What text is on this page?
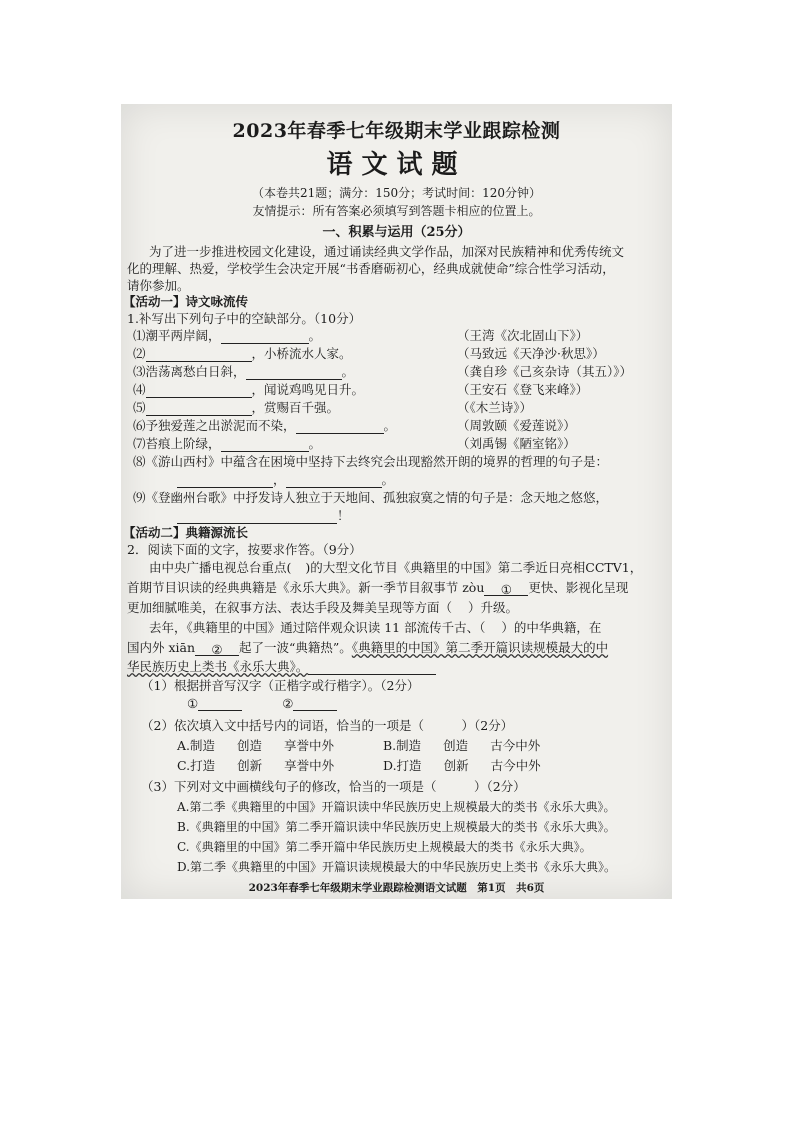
2023年春季七年级期末学业跟踪检测
语文试题
（本卷共21题；满分：150分；考试时间：120分钟）
友情提示：所有答案必须填写到答题卡相应的位置上。
一、积累与运用（25分）
为了进一步推进校园文化建设，通过诵读经典文学作品，加深对民族精神和优秀传统文
化的理解、热爱，学校学生会决定开展“书香磨砺初心，经典成就使命”综合性学习活动，
请你参加。
【活动一】诗文咏流传
1.补写出下列句子中的空缺部分。（10分）
⑴潮平两岸阔，	。	（王湾《次北固山下》）
⑵	，小桥流水人家。	（马致远《天净沙·秋思》）
⑶浩荡离愁白日斜，	。	（龚自珍《己亥杂诗（其五）》）
⑷	，闻说鸡鸣见日升。	（王安石《登飞来峰》）
⑸	，赏赐百千强。	（《木兰诗》）
⑹予独爱莲之出淤泥而不染，	。	（周敦颐《爱莲说》）
⑺苔痕上阶绿，	。	（刘禹锡《陋室铭》）
⑻《游山西村》中蕴含在困境中坚持下去终究会出现豁然开朗的境界的哲理的句子是：
，	。
⑼《登幽州台歌》中抒发诗人独立于天地间、孤独寂寞之情的句子是：念天地之悠悠，
！
【活动二】典籍源流长
2．阅读下面的文字，按要求作答。（9分）
由中央广播电视总台重点( )的大型文化节目《典籍里的中国》第二季近日亮相CCTV1，
首期节目识读的经典典籍是《永乐大典》。新一季节目叙事节 zòu ① 更快、影视化呈现
更加细腻唯美，在叙事方法、表达手段及舞美呈现等方面（ ）升级。
去年，《典籍里的中国》通过陪伴观众识读 11 部流传千古、（ ）的中华典籍，在
国内外 xiān ② 起了一波“典籍热”。《典籍里的中国》第二季开篇识读规模最大的中
华民族历史上类书《永乐大典》。
（1）根据拼音写汉字（正楷字或行楷字）。（2分）
①	②
（2）依次填入文中括号内的词语，恰当的一项是（　　　）（2分）
A.制造 创造 享誉中外	B.制造 创造 古今中外
C.打造 创新 享誉中外	D.打造 创新 古今中外
（3）下列对文中画横线句子的修改，恰当的一项是（　　　）（2分）
A.第二季《典籍里的中国》开篇识读中华民族历史上规模最大的类书《永乐大典》。
B.《典籍里的中国》第二季开篇识读中华民族历史上规模最大的类书《永乐大典》。
C.《典籍里的中国》第二季开篇中华民族历史上规模最大的类书《永乐大典》。
D.第二季《典籍里的中国》开篇识读规模最大的中华民族历史上类书《永乐大典》。
2023年春季七年级期末学业跟踪检测语文试题　第1页　共6页
